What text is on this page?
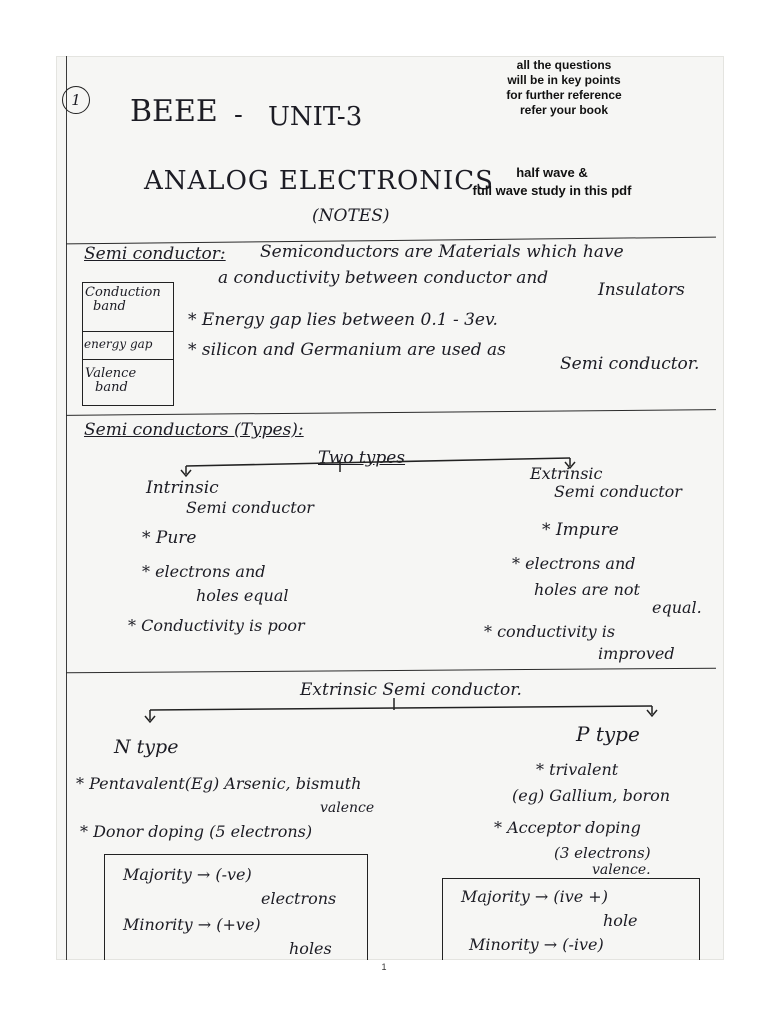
1	BEEE - UNIT-3
ANALOG ELECTRONICS
(NOTES)
all the questions
will be in key points
for further reference
refer your book
half wave &
full wave study in this pdf
Semi conductor: Semiconductors are Materials which have
a conductivity between conductor and
Insulators
Conduction
band
energy gap
Valence
band
* Energy gap lies between 0.1 - 3ev.
* silicon and Germanium are used as
Semi conductor.
Semi conductors (Types):
Two types
Intrinsic
Semi conductor
* Pure
* electrons and
holes equal
* Conductivity is poor
Extrinsic
Semi conductor
* Impure
* electrons and
holes are not
equal.
* conductivity is
improved
Extrinsic Semi conductor.
N type
valence
* Pentavalent(Eg) Arsenic, bismuth
* Donor doping (5 electrons)
Majority → (-ve)
electrons
Minority → (+ve)
holes
P type
* trivalent
(eg) Gallium, boron
* Acceptor doping
(3 electrons)
valence.
Majority → (ive +)
hole
Minority → (-ive)
1
